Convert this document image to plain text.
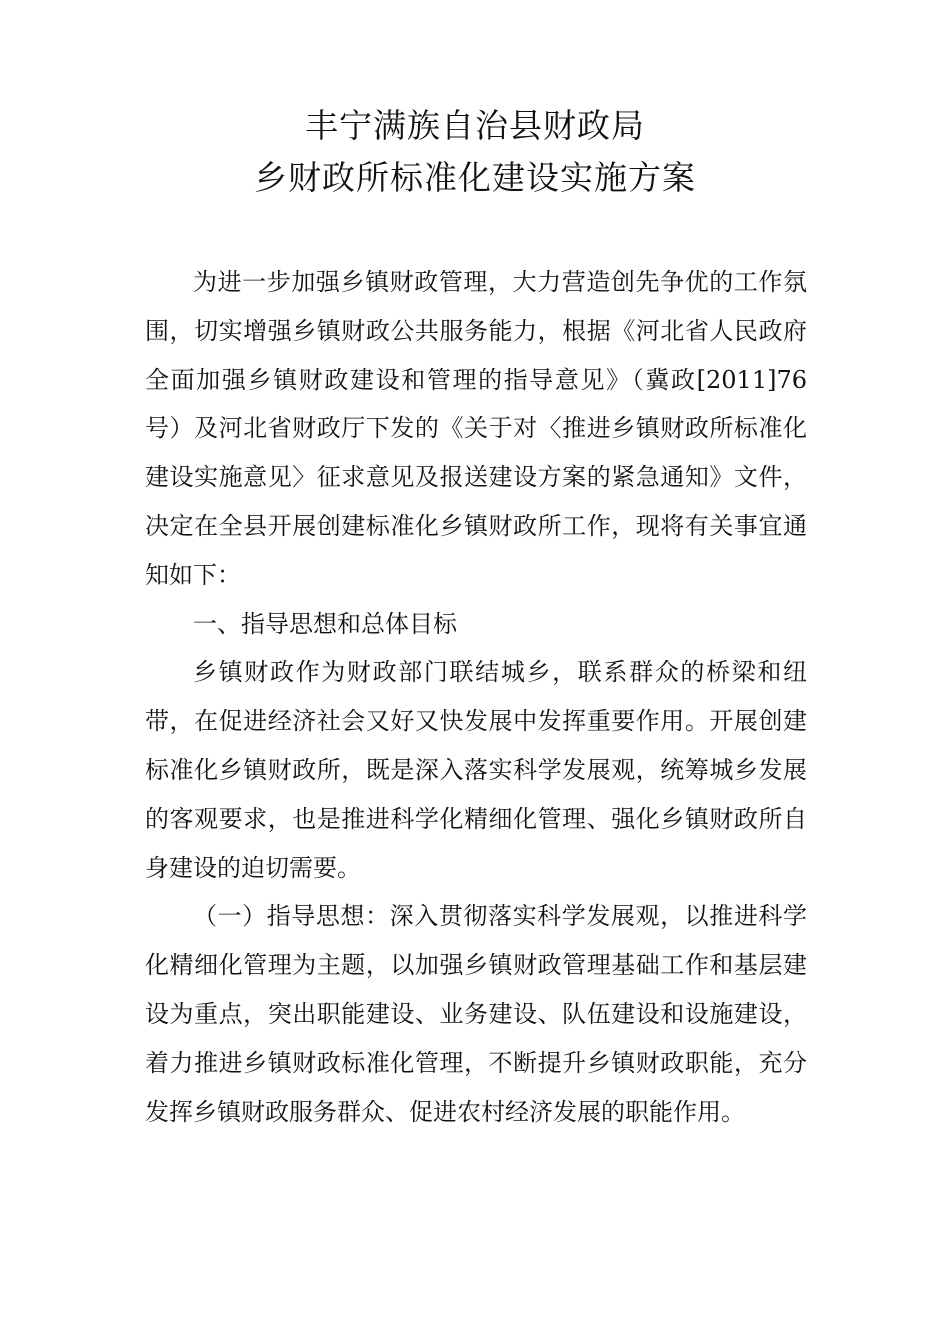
丰宁满族自治县财政局
乡财政所标准化建设实施方案

为进一步加强乡镇财政管理，大力营造创先争优的工作氛围，切实增强乡镇财政公共服务能力，根据《河北省人民政府全面加强乡镇财政建设和管理的指导意见》（冀政[2011]76号）及河北省财政厅下发的《关于对〈推进乡镇财政所标准化建设实施意见〉征求意见及报送建设方案的紧急通知》文件，决定在全县开展创建标准化乡镇财政所工作，现将有关事宜通知如下：

一、指导思想和总体目标

乡镇财政作为财政部门联结城乡，联系群众的桥梁和纽带，在促进经济社会又好又快发展中发挥重要作用。开展创建标准化乡镇财政所，既是深入落实科学发展观，统筹城乡发展的客观要求，也是推进科学化精细化管理、强化乡镇财政所自身建设的迫切需要。

（一）指导思想：深入贯彻落实科学发展观，以推进科学化精细化管理为主题，以加强乡镇财政管理基础工作和基层建设为重点，突出职能建设、业务建设、队伍建设和设施建设，着力推进乡镇财政标准化管理，不断提升乡镇财政职能，充分发挥乡镇财政服务群众、促进农村经济发展的职能作用。
